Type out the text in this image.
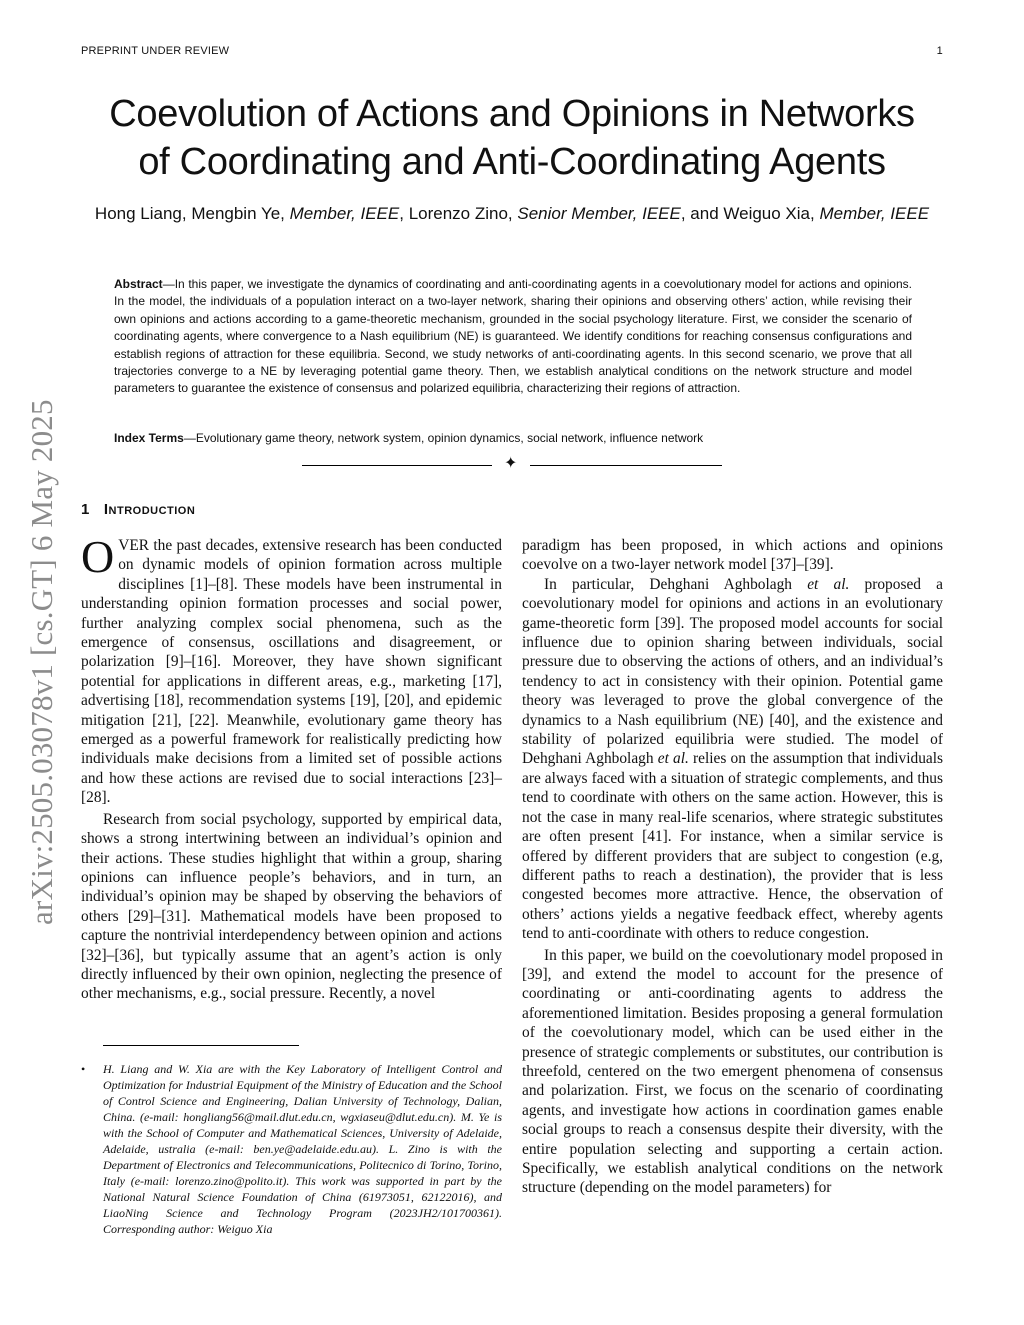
PREPRINT UNDER REVIEW	1
arXiv:2505.03078v1 [cs.GT] 6 May 2025
Coevolution of Actions and Opinions in Networks
of Coordinating and Anti-Coordinating Agents
Hong Liang, Mengbin Ye, Member, IEEE, Lorenzo Zino, Senior Member, IEEE, and Weiguo Xia, Member, IEEE
Abstract—In this paper, we investigate the dynamics of coordinating and anti-coordinating agents in a coevolutionary model for actions and opinions. In the model, the individuals of a population interact on a two-layer network, sharing their opinions and observing others’ action, while revising their own opinions and actions according to a game-theoretic mechanism, grounded in the social psychology literature. First, we consider the scenario of coordinating agents, where convergence to a Nash equilibrium (NE) is guaranteed. We identify conditions for reaching consensus configurations and establish regions of attraction for these equilibria. Second, we study networks of anti-coordinating agents. In this second scenario, we prove that all trajectories converge to a NE by leveraging potential game theory. Then, we establish analytical conditions on the network structure and model parameters to guarantee the existence of consensus and polarized equilibria, characterizing their regions of attraction.
Index Terms—Evolutionary game theory, network system, opinion dynamics, social network, influence network
✦
1 Introduction

OVER the past decades, extensive research has been conducted on dynamic models of opinion formation across multiple disciplines [1]–[8]. These models have been instrumental in understanding opinion formation processes and social power, further analyzing complex social phenomena, such as the emergence of consensus, oscillations and disagreement, or polarization [9]–[16]. Moreover, they have shown significant potential for applications in different areas, e.g., marketing [17], advertising [18], recommendation systems [19], [20], and epidemic mitigation [21], [22]. Meanwhile, evolutionary game theory has emerged as a powerful framework for realistically predicting how individuals make decisions from a limited set of possible actions and how these actions are revised due to social interactions [23]–[28].

Research from social psychology, supported by empirical data, shows a strong intertwining between an individual’s opinion and their actions. These studies highlight that within a group, sharing opinions can influence people’s behaviors, and in turn, an individual’s opinion may be shaped by observing the behaviors of others [29]–[31]. Mathematical models have been proposed to capture the nontrivial interdependency between opinion and actions [32]–[36], but typically assume that an agent’s action is only directly influenced by their own opinion, neglecting the presence of other mechanisms, e.g., social pressure. Recently, a novel

paradigm has been proposed, in which actions and opinions coevolve on a two-layer network model [37]–[39].

In particular, Dehghani Aghbolagh et al. proposed a coevolutionary model for opinions and actions in an evolutionary game-theoretic form [39]. The proposed model accounts for social influence due to opinion sharing between individuals, social pressure due to observing the actions of others, and an individual’s tendency to act in consistency with their opinion. Potential game theory was leveraged to prove the global convergence of the dynamics to a Nash equilibrium (NE) [40], and the existence and stability of polarized equilibria were studied. The model of Dehghani Aghbolagh et al. relies on the assumption that individuals are always faced with a situation of strategic complements, and thus tend to coordinate with others on the same action. However, this is not the case in many real-life scenarios, where strategic substitutes are often present [41]. For instance, when a similar service is offered by different providers that are subject to congestion (e.g, different paths to reach a destination), the provider that is less congested becomes more attractive. Hence, the observation of others’ actions yields a negative feedback effect, whereby agents tend to anti-coordinate with others to reduce congestion.

In this paper, we build on the coevolutionary model proposed in [39], and extend the model to account for the presence of coordinating or anti-coordinating agents to address the aforementioned limitation. Besides proposing a general formulation of the coevolutionary model, which can be used either in the presence of strategic complements or substitutes, our contribution is threefold, centered on the two emergent phenomena of consensus and polarization. First, we focus on the scenario of coordinating agents, and investigate how actions in coordination games enable social groups to reach a consensus despite their diversity, with the entire population selecting and supporting a certain action. Specifically, we establish analytical conditions on the network structure (depending on the model parameters) for

• H. Liang and W. Xia are with the Key Laboratory of Intelligent Control and Optimization for Industrial Equipment of the Ministry of Education and the School of Control Science and Engineering, Dalian University of Technology, Dalian, China. (e-mail: hongliang56@mail.dlut.edu.cn, wgxiaseu@dlut.edu.cn). M. Ye is with the School of Computer and Mathematical Sciences, University of Adelaide, Adelaide, ustralia (e-mail: ben.ye@adelaide.edu.au). L. Zino is with the Department of Electronics and Telecommunications, Politecnico di Torino, Torino, Italy (e-mail: lorenzo.zino@polito.it). This work was supported in part by the National Natural Science Foundation of China (61973051, 62122016), and LiaoNing Science and Technology Program (2023JH2/101700361). Corresponding author: Weiguo Xia
